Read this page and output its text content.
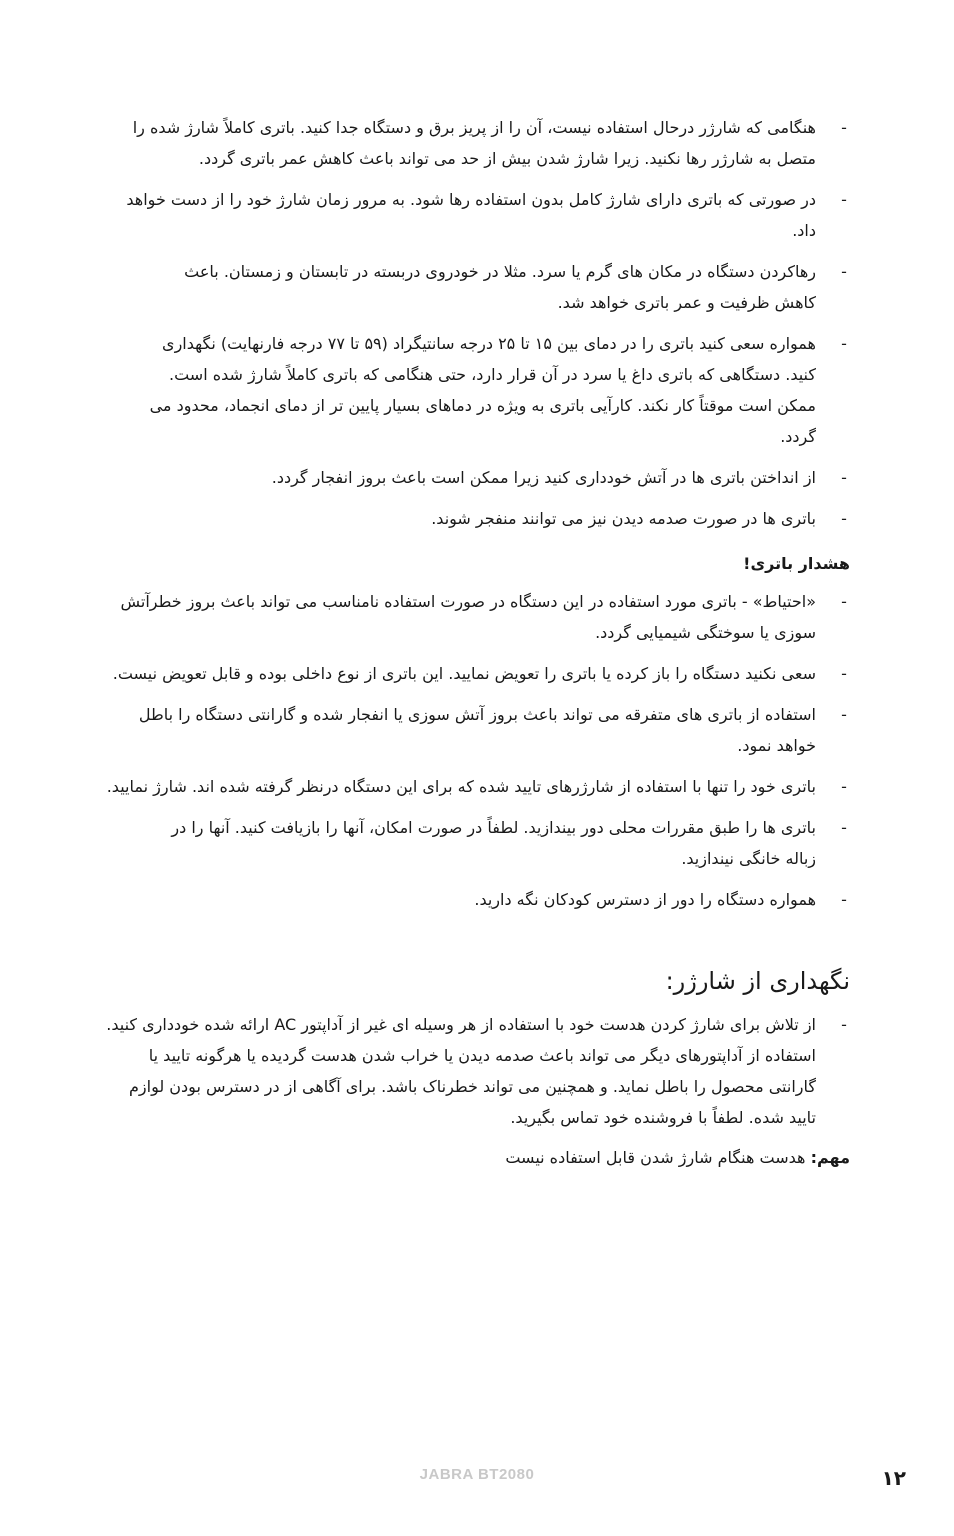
-
هنگامی که شارژر درحال استفاده نیست، آن را از پریز برق و دستگاه جدا کنید. باتری کاملاً شارژ شده را متصل به شارژر رها نکنید. زیرا شارژ شدن بیش از حد می تواند باعث کاهش عمر باتری گردد.
-
در صورتی که باتری دارای شارژ کامل بدون استفاده رها شود. به مرور زمان شارژ خود را از دست خواهد داد.
-
رهاکردن دستگاه در مکان های گرم یا سرد. مثلا در خودروی دربسته در تابستان و زمستان. باعث کاهش ظرفیت و عمر باتری خواهد شد.
-
همواره سعی کنید باتری را در دمای بین ۱۵ تا ۲۵ درجه سانتیگراد (۵۹ تا ۷۷ درجه فارنهایت) نگهداری کنید. دستگاهی که باتری داغ یا سرد در آن قرار دارد، حتی هنگامی که باتری کاملاً شارژ شده است. ممکن است موقتاً کار نکند. کارآیی باتری به ویژه در دماهای بسیار پایین تر از دمای انجماد، محدود می گردد.
-
از انداختن باتری ها در آتش خودداری کنید زیرا ممکن است باعث بروز انفجار گردد.
-
باتری ها در صورت صدمه دیدن نیز می توانند منفجر شوند.
هشدار باتری!
-
«احتیاط» - باتری مورد استفاده در این دستگاه در صورت استفاده نامناسب می تواند باعث بروز خطرآتش سوزی یا سوختگی شیمیایی گردد.
-
سعی نکنید دستگاه را باز کرده یا باتری را تعویض نمایید. این باتری از نوع داخلی بوده و قابل تعویض نیست.
-
استفاده از باتری های متفرقه می تواند باعث بروز آتش سوزی یا انفجار شده و گارانتی دستگاه را باطل خواهد نمود.
-
باتری خود را تنها با استفاده از شارژرهای تایید شده که برای این دستگاه درنظر گرفته شده اند. شارژ نمایید.
-
باتری ها را طبق مقررات محلی دور بیندازید. لطفاً در صورت امکان، آنها را بازیافت کنید. آنها را در زباله خانگی نیندازید.
-
همواره دستگاه را دور از دسترس کودکان نگه دارید.
نگهداری از شارژر:
-
از تلاش برای شارژ کردن هدست خود با استفاده از هر وسیله ای غیر از آداپتور AC ارائه شده خودداری کنید. استفاده از آداپتورهای دیگر می تواند باعث صدمه دیدن یا خراب شدن هدست گردیده یا هرگونه تایید یا گارانتی محصول را باطل نماید. و همچنین می تواند خطرناک باشد. برای آگاهی از در دسترس بودن لوازم تایید شده. لطفاً با فروشنده خود تماس بگیرید.
مهم: هدست هنگام شارژ شدن قابل استفاده نیست
JABRA BT2080	۱۲
